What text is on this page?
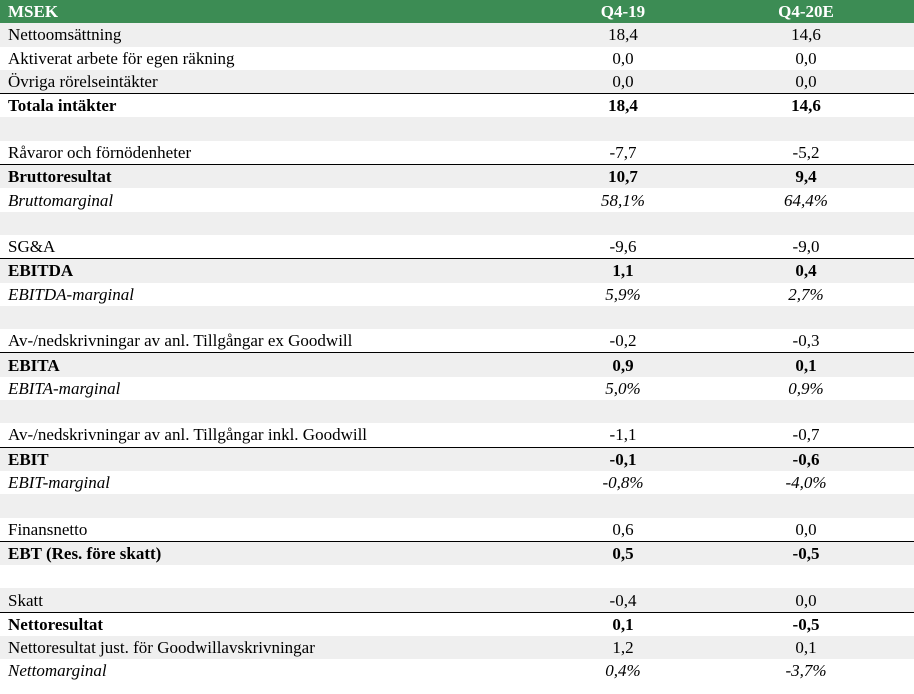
MSEK	Q4-19	Q4-20E
Nettoomsättning	18,4	14,6
Aktiverat arbete för egen räkning	0,0	0,0
Övriga rörelseintäkter	0,0	0,0
Totala intäkter	18,4	14,6

Råvaror och förnödenheter	-7,7	-5,2
Bruttoresultat	10,7	9,4
Bruttomarginal	58,1%	64,4%

SG&A	-9,6	-9,0
EBITDA	1,1	0,4
EBITDA-marginal	5,9%	2,7%

Av-/nedskrivningar av anl. Tillgångar ex Goodwill	-0,2	-0,3
EBITA	0,9	0,1
EBITA-marginal	5,0%	0,9%

Av-/nedskrivningar av anl. Tillgångar inkl. Goodwill	-1,1	-0,7
EBIT	-0,1	-0,6
EBIT-marginal	-0,8%	-4,0%

Finansnetto	0,6	0,0
EBT (Res. före skatt)	0,5	-0,5

Skatt	-0,4	0,0
Nettoresultat	0,1	-0,5
Nettoresultat just. för Goodwillavskrivningar	1,2	0,1
Nettomarginal	0,4%	-3,7%
